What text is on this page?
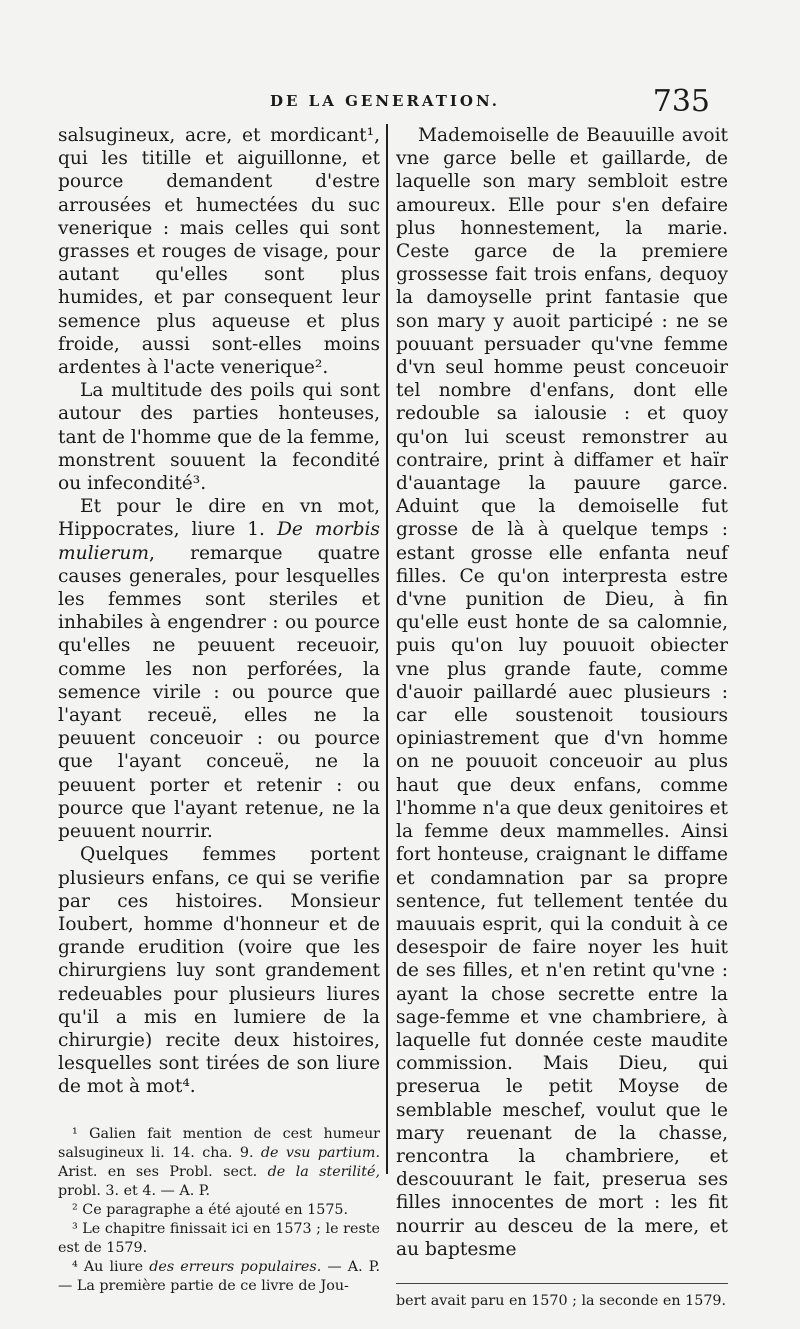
DE LA GENERATION.	735

salsugineux, acre, et mordicant¹, qui les titille et aiguillonne, et pource demandent d'estre arrousées et humectées du suc venerique : mais celles qui sont grasses et rouges de visage, pour autant qu'elles sont plus humides, et par consequent leur semence plus aqueuse et plus froide, aussi sont-elles moins ardentes à l'acte venerique².

La multitude des poils qui sont autour des parties honteuses, tant de l'homme que de la femme, monstrent souuent la fecondité ou infecondité³.

Et pour le dire en vn mot, Hippocrates, liure 1. De morbis mulierum, remarque quatre causes generales, pour lesquelles les femmes sont steriles et inhabiles à engendrer : ou pource qu'elles ne peuuent receuoir, comme les non perforées, la semence virile : ou pource que l'ayant receuë, elles ne la peuuent conceuoir : ou pource que l'ayant conceuë, ne la peuuent porter et retenir : ou pource que l'ayant retenue, ne la peuuent nourrir.

Quelques femmes portent plusieurs enfans, ce qui se verifie par ces histoires. Monsieur Ioubert, homme d'honneur et de grande erudition (voire que les chirurgiens luy sont grandement redeuables pour plusieurs liures qu'il a mis en lumiere de la chirurgie) recite deux histoires, lesquelles sont tirées de son liure de mot à mot⁴.

¹ Galien fait mention de cest humeur salsugineux li. 14. cha. 9. de vsu partium. Arist. en ses Probl. sect. de la sterilité, probl. 3. et 4. — A. P.

² Ce paragraphe a été ajouté en 1575.

³ Le chapitre finissait ici en 1573 ; le reste est de 1579.

⁴ Au liure des erreurs populaires. — A. P. — La première partie de ce livre de Jou-

Mademoiselle de Beauuille avoit vne garce belle et gaillarde, de laquelle son mary sembloit estre amoureux. Elle pour s'en defaire plus honnestement, la marie. Ceste garce de la premiere grossesse fait trois enfans, dequoy la damoyselle print fantasie que son mary y auoit participé : ne se pouuant persuader qu'vne femme d'vn seul homme peust conceuoir tel nombre d'enfans, dont elle redouble sa ialousie : et quoy qu'on lui sceust remonstrer au contraire, print à diffamer et haïr d'auantage la pauure garce. Aduint que la demoiselle fut grosse de là à quelque temps : estant grosse elle enfanta neuf filles. Ce qu'on interpresta estre d'vne punition de Dieu, à fin qu'elle eust honte de sa calomnie, puis qu'on luy pouuoit obiecter vne plus grande faute, comme d'auoir paillardé auec plusieurs : car elle soustenoit tousiours opiniastrement que d'vn homme on ne pouuoit conceuoir au plus haut que deux enfans, comme l'homme n'a que deux genitoires et la femme deux mammelles. Ainsi fort honteuse, craignant le diffame et condamnation par sa propre sentence, fut tellement tentée du mauuais esprit, qui la conduit à ce desespoir de faire noyer les huit de ses filles, et n'en retint qu'vne : ayant la chose secrette entre la sage-femme et vne chambriere, à laquelle fut donnée ceste maudite commission. Mais Dieu, qui preserua le petit Moyse de semblable meschef, voulut que le mary reuenant de la chasse, rencontra la chambriere, et descouurant le fait, preserua ses filles innocentes de mort : les fit nourrir au desceu de la mere, et au baptesme

bert avait paru en 1570 ; la seconde en 1579.
